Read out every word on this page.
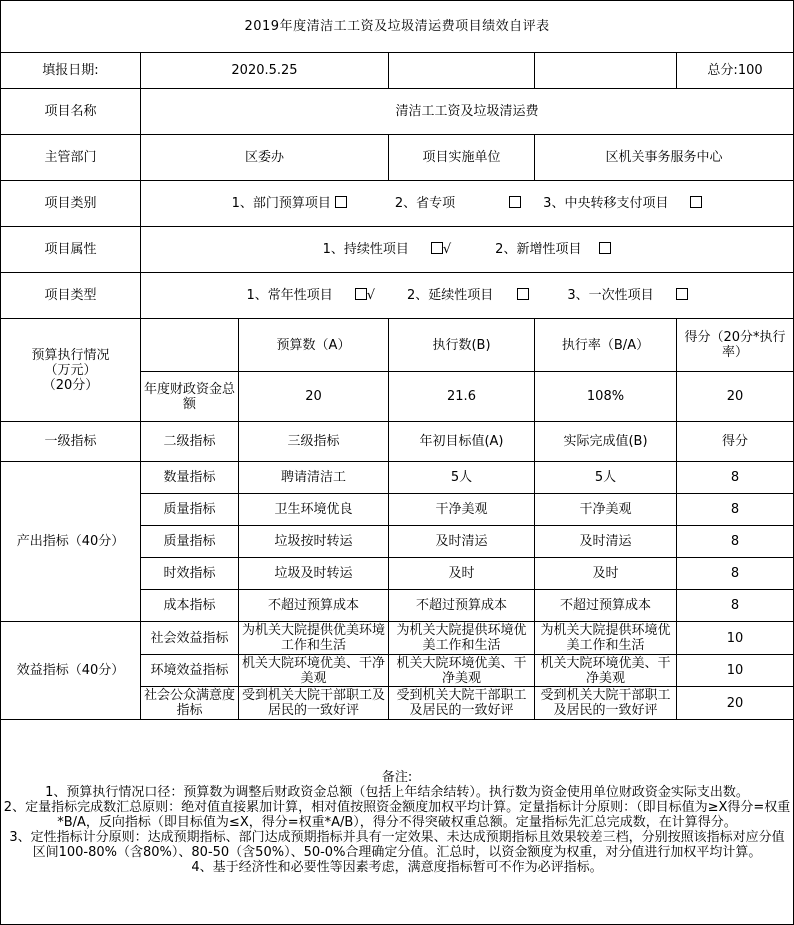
2019年度清洁工工资及垃圾清运费项目绩效自评表					
填报日期:	2020.5.25				总分:100
项目名称	清洁工工资及垃圾清运费				
主管部门	区委办		项目实施单位	区机关事务服务中心	
项目类别	1、部门预算项目 2、省专项 3、中央转移支付项目				
项目属性	1、持续性项目 √ 2、新增性项目				
项目类型	1、常年性项目 √ 2、延续性项目 3、一次性项目				

预算执行情况
（万元）
（20分）		预算数（A）	执行数(B)	执行率（B/A）	得分（20分*执行率）
	年度财政资金总额	20	21.6	108%	20
一级指标	二级指标	三级指标	年初目标值(A)	实际完成值(B)	得分
产出指标（40分）	数量指标	聘请清洁工	5人	5人	8
	质量指标	卫生环境优良	干净美观	干净美观	8
	质量指标	垃圾按时转运	及时清运	及时清运	8
	时效指标	垃圾及时转运	及时	及时	8
	成本指标	不超过预算成本	不超过预算成本	不超过预算成本	8
效益指标（40分）	社会效益指标	为机关大院提供优美环境工作和生活	为机关大院提供环境优美工作和生活	为机关大院提供环境优美工作和生活	10
	环境效益指标	机关大院环境优美、干净美观	机关大院环境优美、干净美观	机关大院环境优美、干净美观	10
	社会公众满意度指标	受到机关大院干部职工及居民的一致好评	受到机关大院干部职工及居民的一致好评	受到机关大院干部职工及居民的一致好评	20

备注:
1、预算执行情况口径：预算数为调整后财政资金总额（包括上年结余结转）。执行数为资金使用单位财政资金实际支出数。
2、定量指标完成数汇总原则：绝对值直接累加计算，相对值按照资金额度加权平均计算。定量指标计分原则：（即目标值为≥X得分=权重*B/A，反向指标（即目标值为≤X，得分=权重*A/B），得分不得突破权重总额。定量指标先汇总完成数，在计算得分。
3、定性指标计分原则：达成预期指标、部门达成预期指标并具有一定效果、未达成预期指标且效果较差三档，分别按照该指标对应分值区间100-80%（含80%）、80-50（含50%）、50-0%合理确定分值。汇总时，以资金额度为权重，对分值进行加权平均计算。
4、基于经济性和必要性等因素考虑，满意度指标暂可不作为必评指标。					
